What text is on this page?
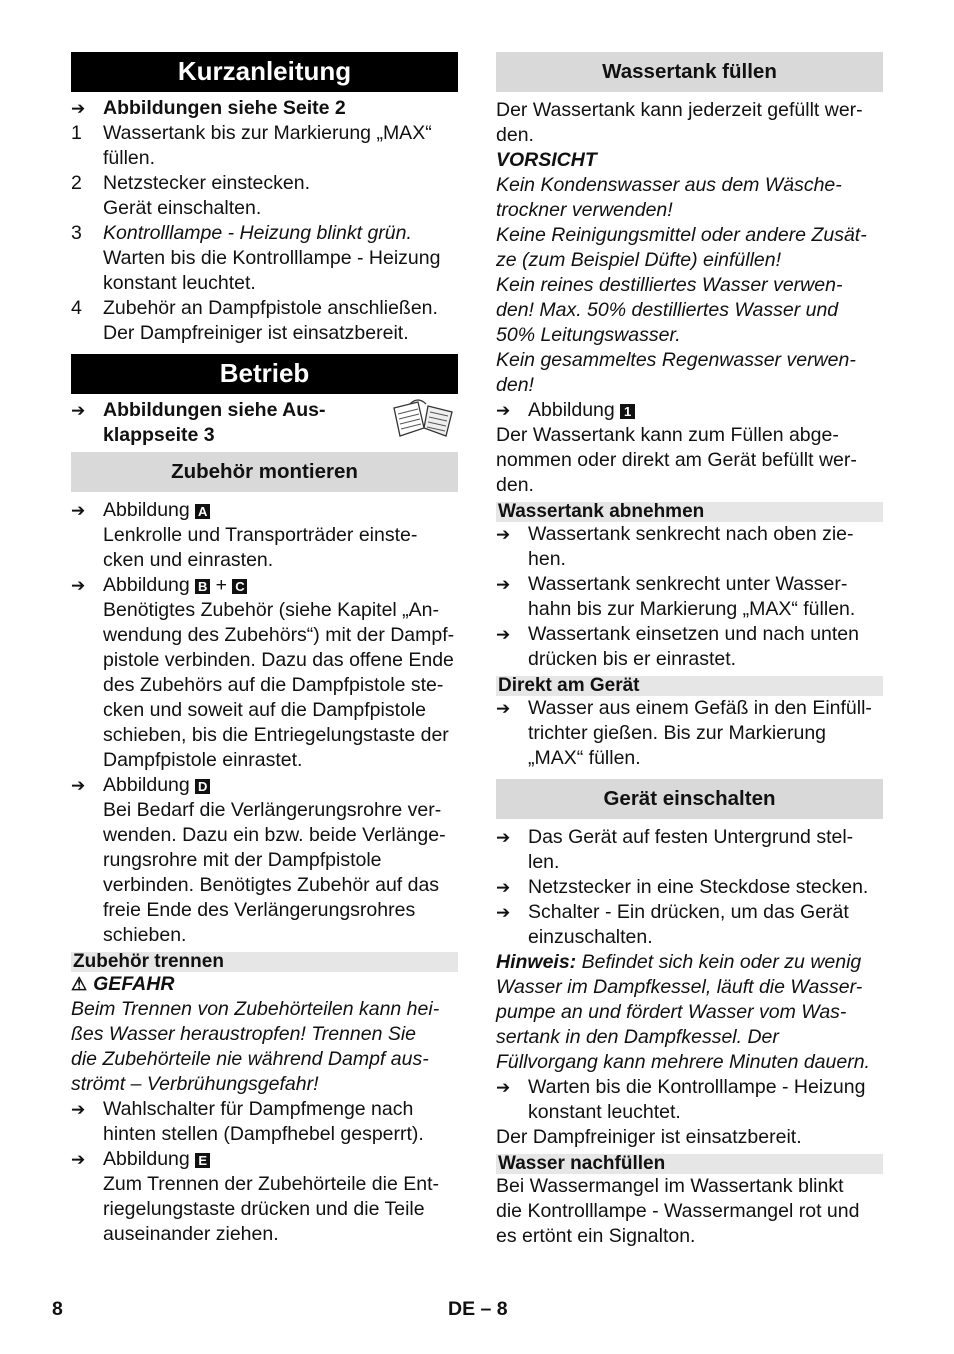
Kurzanleitung
➔ Abbildungen siehe Seite 2
1	Wassertank bis zur Markierung „MAX“

füllen.

2	Netzstecker einstecken.

Gerät einschalten.

3	Kontrolllampe - Heizung blinkt grün.

Warten bis die Kontrolllampe - Heizung

konstant leuchtet.

4	Zubehör an Dampfpistole anschließen.

Der Dampfreiniger ist einsatzbereit.

Betrieb
➔ Abbildungen siehe Aus-

klappseite 3

Zubehör montieren
➔ Abbildung A

Lenkrolle und Transporträder einste-

cken und einrasten.

➔ Abbildung B + C

Benötigtes Zubehör (siehe Kapitel „An-

wendung des Zubehörs“) mit der Dampf-

pistole verbinden. Dazu das offene Ende

des Zubehörs auf die Dampfpistole ste-

cken und soweit auf die Dampfpistole

schieben, bis die Entriegelungstaste der

Dampfpistole einrastet.

➔ Abbildung D

Bei Bedarf die Verlängerungsrohre ver-

wenden. Dazu ein bzw. beide Verlänge-

rungsrohre mit der Dampfpistole

verbinden. Benötigtes Zubehör auf das

freie Ende des Verlängerungsrohres

schieben.

Zubehör trennen

⚠ GEFAHR

Beim Trennen von Zubehörteilen kann hei-

ßes Wasser heraustropfen! Trennen Sie

die Zubehörteile nie während Dampf aus-

strömt – Verbrühungsgefahr!

➔ Wahlschalter für Dampfmenge nach

hinten stellen (Dampfhebel gesperrt).

➔ Abbildung E

Zum Trennen der Zubehörteile die Ent-

riegelungstaste drücken und die Teile

auseinander ziehen.

Wassertank füllen

Der Wassertank kann jederzeit gefüllt wer-

den.

VORSICHT

Kein Kondenswasser aus dem Wäsche-

trockner verwenden!

Keine Reinigungsmittel oder andere Zusät-

ze (zum Beispiel Düfte) einfüllen!

Kein reines destilliertes Wasser verwen-

den! Max. 50% destilliertes Wasser und

50% Leitungswasser.

Kein gesammeltes Regenwasser verwen-

den!

➔ Abbildung 1

Der Wassertank kann zum Füllen abge-

nommen oder direkt am Gerät befüllt wer-

den.

Wassertank abnehmen
➔ Wassertank senkrecht nach oben zie-

hen.

➔ Wassertank senkrecht unter Wasser-

hahn bis zur Markierung „MAX“ füllen.

➔ Wassertank einsetzen und nach unten

drücken bis er einrastet.

Direkt am Gerät
➔ Wasser aus einem Gefäß in den Einfüll-

trichter gießen. Bis zur Markierung

„MAX“ füllen.

Gerät einschalten
➔ Das Gerät auf festen Untergrund stel-

len.

➔ Netzstecker in eine Steckdose stecken.

➔ Schalter - Ein drücken, um das Gerät

einzuschalten.

Hinweis: Befindet sich kein oder zu wenig

Wasser im Dampfkessel, läuft die Wasser-

pumpe an und fördert Wasser vom Was-

sertank in den Dampfkessel. Der

Füllvorgang kann mehrere Minuten dauern.

➔ Warten bis die Kontrolllampe - Heizung

konstant leuchtet.

Der Dampfreiniger ist einsatzbereit.

Wasser nachfüllen

Bei Wassermangel im Wassertank blinkt

die Kontrolllampe - Wassermangel rot und

es ertönt ein Signalton.

8	DE – 8
